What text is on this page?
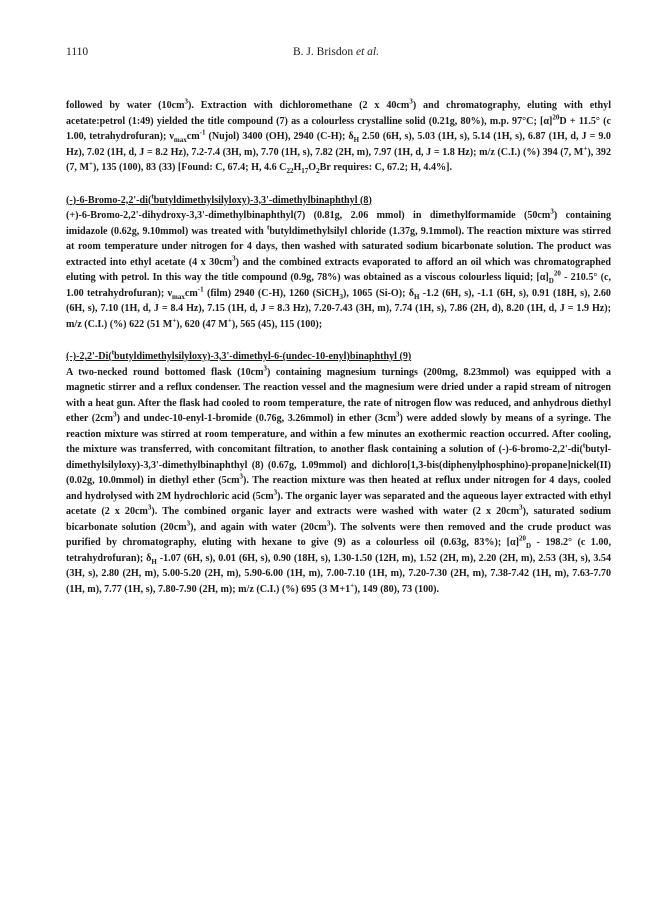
1110	B. J. Brisdon et al.

followed by water $(10cm^3)$. Extraction with dichloromethane (2 x $40cm^3$) and chromatography, eluting with ethyl acetate:petrol (1:49) yielded the title compound (7) as a colourless crystalline solid (0.21g, 80%), m.p. 97°C; $[\alpha]^{20}D + 11.5^\circ$ (c 1.00, tetrahydrofuran); $\nu_{max}cm^{-1}$ (Nujol) 3400 (OH), 2940 (C-H); $\delta_H$ 2.50 (6H, s), 5.03 (1H, s), 5.14 (1H, s), 6.87 (1H, d, J = 9.0 Hz), 7.02 (1H, d, J = 8.2 Hz), 7.2-7.4 (3H, m), 7.70 (1H, s), 7.82 (2H, m), 7.97 (1H, d, J = 1.8 Hz); m/z (C.I.) (%) 394 (7, M+), 392 (7, M+), 135 (100), 83 (33) [Found: C, 67.4; H, 4.6 $C_{22}H_{17}O_2Br$ requires: C, 67.2; H, 4.4%].

(-)-6-Bromo-2,2'-di($^t$butyldimethylsilyloxy)-3,3'-dimethylbinaphthyl (8)

(+)-6-Bromo-2,2'-dihydroxy-3,3'-dimethylbinaphthyl(7) (0.81g, 2.06 mmol) in dimethylformamide $(50cm^3)$ containing imidazole (0.62g, 9.10mmol) was treated with $^t$butyldimethylsilyl chloride (1.37g, 9.1mmol). The reaction mixture was stirred at room temperature under nitrogen for 4 days, then washed with saturated sodium bicarbonate solution. The product was extracted into ethyl acetate (4 x $30cm^3$) and the combined extracts evaporated to afford an oil which was chromatographed eluting with petrol. In this way the title compound (0.9g, 78%) was obtained as a viscous colourless liquid; $[\alpha]_D^{20} - 210.5^\circ$ (c, 1.00 tetrahydrofuran); $\nu_{max}cm^{-1}$ (film) 2940 (C-H), 1260 (SiCH$_3$), 1065 (Si-O); $\delta_H$ -1.2 (6H, s), -1.1 (6H, s), 0.91 (18H, s), 2.60 (6H, s), 7.10 (1H, d, J = 8.4 Hz), 7.15 (1H, d, J = 8.3 Hz), 7.20-7.43 (3H, m), 7.74 (1H, s), 7.86 (2H, d), 8.20 (1H, d, J = 1.9 Hz); m/z (C.I.) (%) 622 (51 M+), 620 (47 M+), 565 (45), 115 (100);

(-)-2,2'-Di($^t$butyldimethylsilyloxy)-3,3'-dimethyl-6-(undec-10-enyl)binaphthyl (9)

A two-necked round bottomed flask $(10cm^3)$ containing magnesium turnings (200mg, 8.23mmol) was equipped with a magnetic stirrer and a reflux condenser. The reaction vessel and the magnesium were dried under a rapid stream of nitrogen with a heat gun. After the flask had cooled to room temperature, the rate of nitrogen flow was reduced, and anhydrous diethyl ether $(2cm^3)$ and undec-10-enyl-1-bromide (0.76g, 3.26mmol) in ether $(3cm^3)$ were added slowly by means of a syringe. The reaction mixture was stirred at room temperature, and within a few minutes an exothermic reaction occurred. After cooling, the mixture was transferred, with concomitant filtration, to another flask containing a solution of (-)-6-bromo-2,2'-di($^t$butyl-dimethylsilyloxy)-3,3'-dimethylbinaphthyl (8) (0.67g, 1.09mmol) and dichloro[1,3-bis(diphenylphosphino)-propane]nickel(II) (0.02g, 10.0mmol) in diethyl ether $(5cm^3)$. The reaction mixture was then heated at reflux under nitrogen for 4 days, cooled and hydrolysed with 2M hydrochloric acid $(5cm^3)$. The organic layer was separated and the aqueous layer extracted with ethyl acetate (2 x $20cm^3$). The combined organic layer and extracts were washed with water (2 x $20cm^3$), saturated sodium bicarbonate solution $(20cm^3)$, and again with water $(20cm^3)$. The solvents were then removed and the crude product was purified by chromatography, eluting with hexane to give (9) as a colourless oil (0.63g, 83%); $[\alpha]^{20}_D - 198.2^\circ$ (c 1.00, tetrahydrofuran); $\delta_H$ -1.07 (6H, s), 0.01 (6H, s), 0.90 (18H, s), 1.30-1.50 (12H, m), 1.52 (2H, m), 2.20 (2H, m), 2.53 (3H, s), 3.54 (3H, s), 2.80 (2H, m), 5.00-5.20 (2H, m), 5.90-6.00 (1H, m), 7.00-7.10 (1H, m), 7.20-7.30 (2H, m), 7.38-7.42 (1H, m), 7.63-7.70 (1H, m), 7.77 (1H, s), 7.80-7.90 (2H, m); m/z (C.I.) (%) 695 (3 M+1+), 149 (80), 73 (100).
